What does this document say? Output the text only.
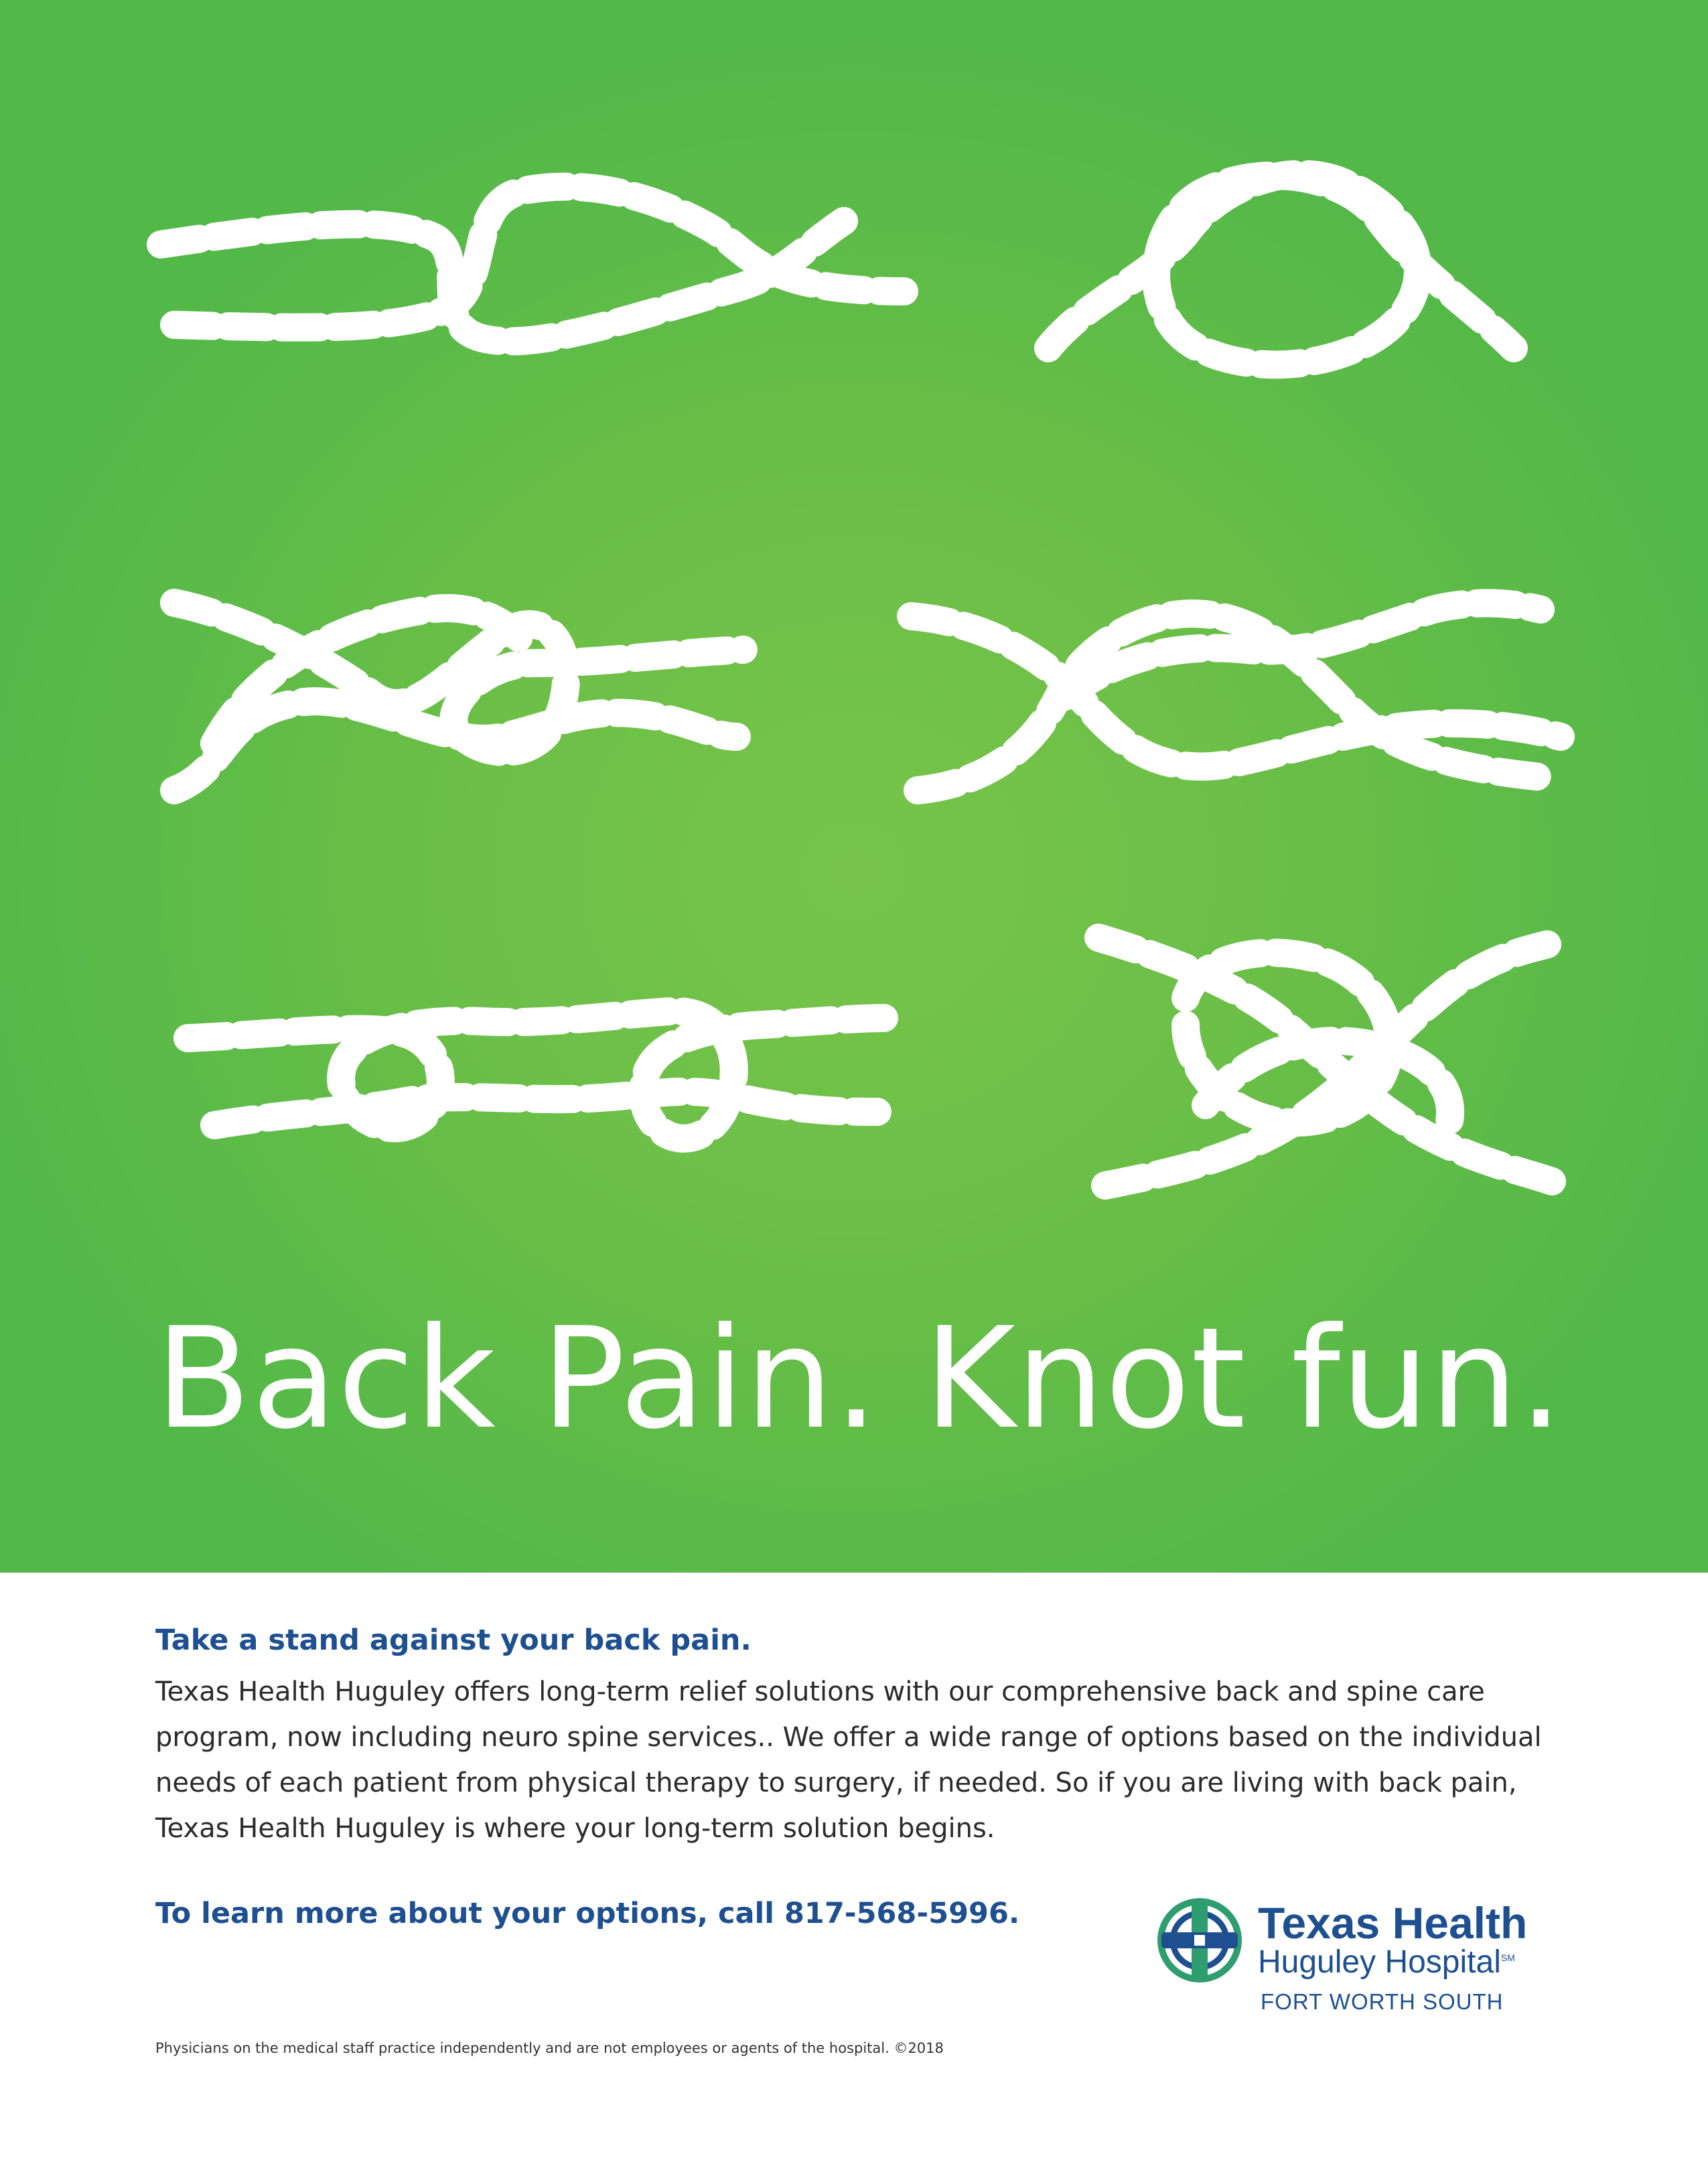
Back Pain. Knot fun.
Take a stand against your back pain.

Texas Health Huguley offers long-term relief solutions with our comprehensive back and spine care program, now including neuro spine services.. We offer a wide range of options based on the individual needs of each patient from physical therapy to surgery, if needed. So if you are living with back pain, Texas Health Huguley is where your long-term solution begins.

To learn more about your options, call 817-568-5996.

Physicians on the medical staff practice independently and are not employees or agents of the hospital. ©2018

Texas Health
Huguley Hospital℠
FORT WORTH SOUTH
